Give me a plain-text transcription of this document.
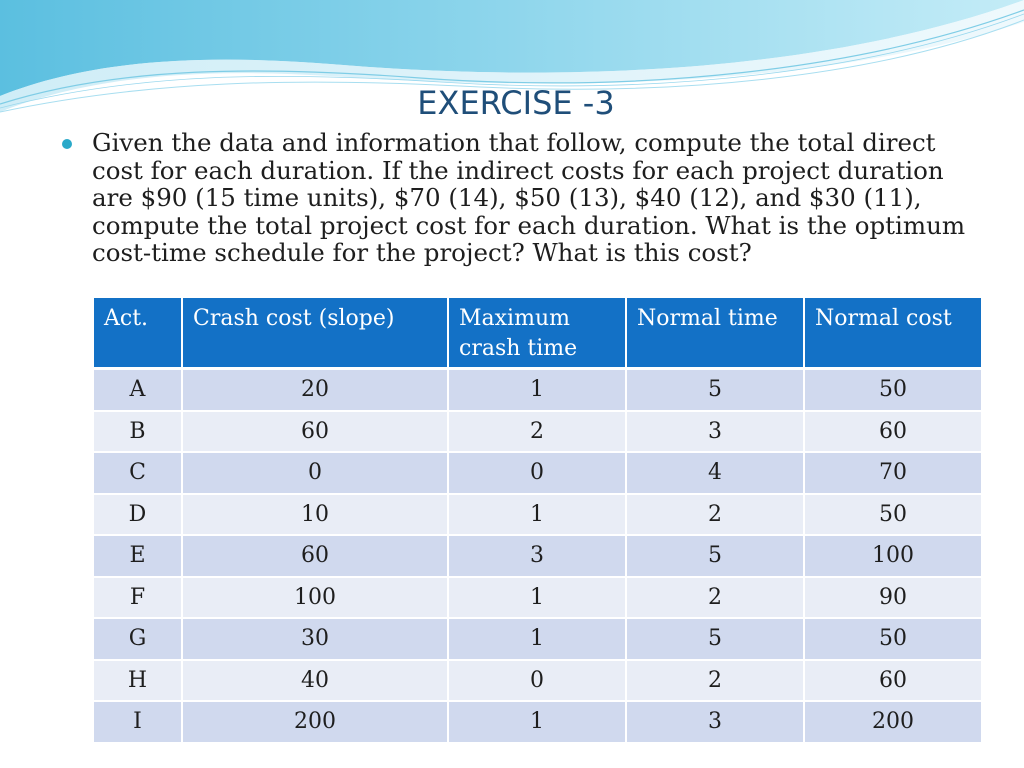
EXERCISE -3
Given the data and information that follow, compute the total direct cost for each duration. If the indirect costs for each project duration are $90 (15 time units), $70 (14), $50 (13), $40 (12), and $30 (11), compute the total project cost for each duration. What is the optimum cost-time schedule for the project? What is this cost?
Act.	Crash cost (slope)	Maximum crash time	Normal time	Normal cost
A	20	1	5	50
B	60	2	3	60
C	0	0	4	70
D	10	1	2	50
E	60	3	5	100
F	100	1	2	90
G	30	1	5	50
H	40	0	2	60
I	200	1	3	200
